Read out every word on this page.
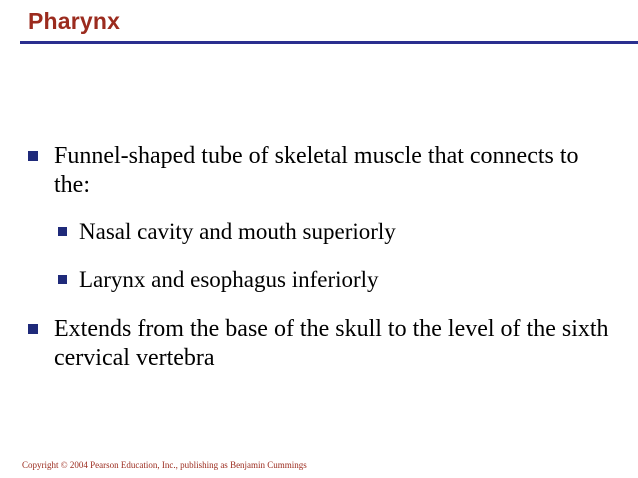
Pharynx
Funnel-shaped tube of skeletal muscle that connects to the:
Nasal cavity and mouth superiorly
Larynx and esophagus inferiorly
Extends from the base of the skull to the level of the sixth cervical vertebra
Copyright © 2004 Pearson Education, Inc., publishing as Benjamin Cummings
